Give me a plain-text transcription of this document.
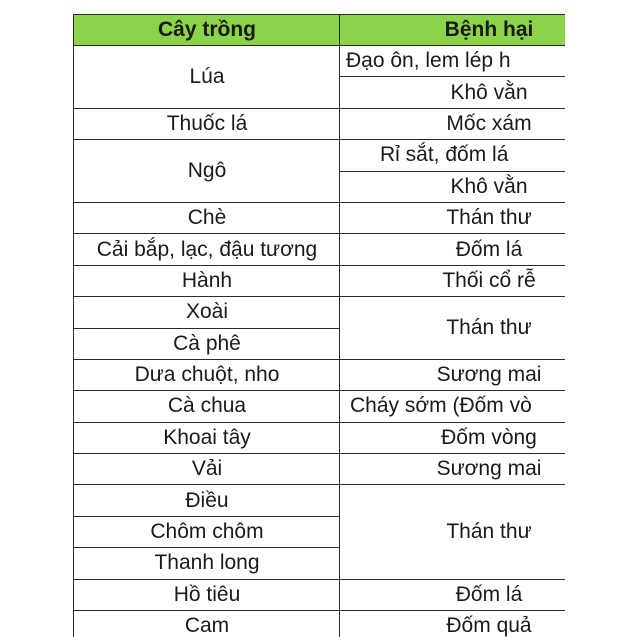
Cây trồng	Bệnh hại

Lúa	Đạo ôn, lem lép h

	Khô vằn

Thuốc lá	Mốc xám

Ngô	Rỉ sắt, đốm lá

	Khô vằn

Chè	Thán thư

Cải bắp, lạc, đậu tương	Đốm lá

Hành	Thối cổ rễ

Xoài	Thán thư

Cà phê	

Dưa chuột, nho	Sương mai

Cà chua	Cháy sớm (Đốm vò

Khoai tây	Đốm vòng

Vải	Sương mai

Điều	Thán thư

Chôm chôm	

Thanh long	

Hồ tiêu	Đốm lá

Cam	Đốm quả
